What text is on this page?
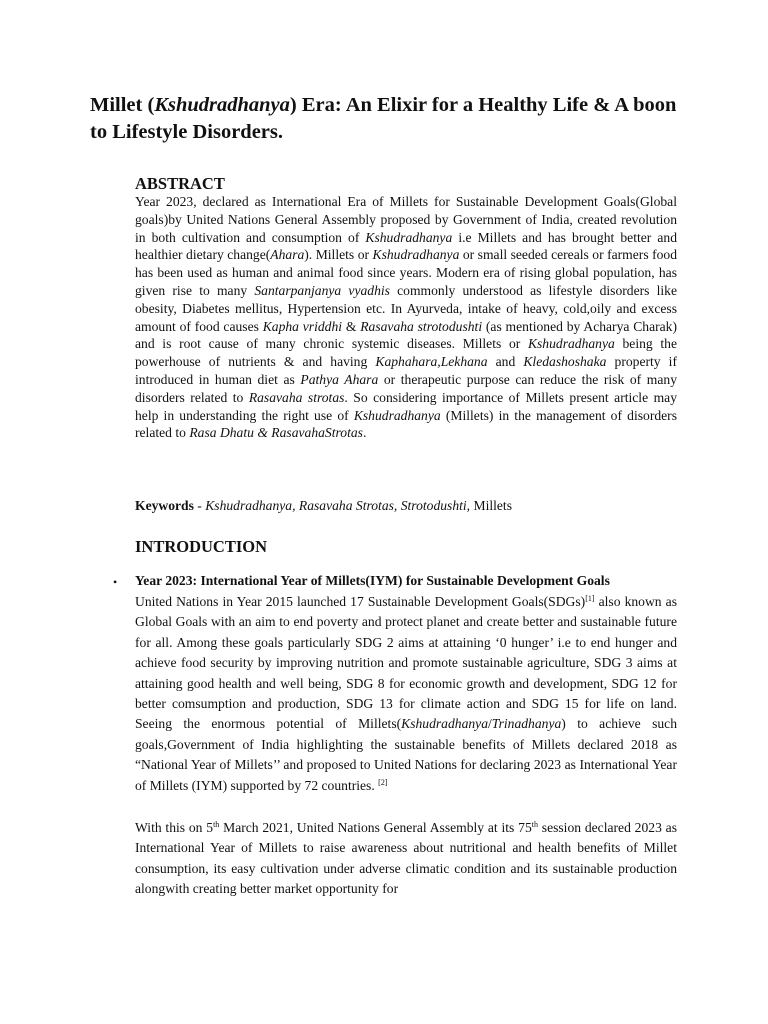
Millet (Kshudradhanya) Era: An Elixir for a Healthy Life & A boon to Lifestyle Disorders.
ABSTRACT

Year 2023, declared as International Era of Millets for Sustainable Development Goals(Global goals)by United Nations General Assembly proposed by Government of India, created revolution in both cultivation and consumption of Kshudradhanya i.e Millets and has brought better and healthier dietary change(Ahara). Millets or Kshudradhanya or small seeded cereals or farmers food has been used as human and animal food since years. Modern era of rising global population, has given rise to many Santarpanjanya vyadhis commonly understood as lifestyle disorders like obesity, Diabetes mellitus, Hypertension etc. In Ayurveda, intake of heavy, cold,oily and excess amount of food causes Kapha vriddhi & Rasavaha strotodushti (as mentioned by Acharya Charak) and is root cause of many chronic systemic diseases. Millets or Kshudradhanya being the powerhouse of nutrients & and having Kaphahara,Lekhana and Kledashoshaka property if introduced in human diet as Pathya Ahara or therapeutic purpose can reduce the risk of many disorders related to Rasavaha strotas. So considering importance of Millets present article may help in understanding the right use of Kshudradhanya (Millets) in the management of disorders related to Rasa Dhatu & RasavahaStrotas.

Keywords - Kshudradhanya, Rasavaha Strotas, Strotodushti, Millets

INTRODUCTION
• Year 2023: International Year of Millets(IYM) for Sustainable Development Goals

United Nations in Year 2015 launched 17 Sustainable Development Goals(SDGs)[1] also known as Global Goals with an aim to end poverty and protect planet and create better and sustainable future for all. Among these goals particularly SDG 2 aims at attaining ‘0 hunger’ i.e to end hunger and achieve food security by improving nutrition and promote sustainable agriculture, SDG 3 aims at attaining good health and well being, SDG 8 for economic growth and development, SDG 12 for better comsumption and production, SDG 13 for climate action and SDG 15 for life on land. Seeing the enormous potential of Millets(Kshudradhanya/Trinadhanya) to achieve such goals,Government of India highlighting the sustainable benefits of Millets declared 2018 as “National Year of Millets’’ and proposed to United Nations for declaring 2023 as International Year of Millets (IYM) supported by 72 countries. [2]

With this on 5th March 2021, United Nations General Assembly at its 75th session declared 2023 as International Year of Millets to raise awareness about nutritional and health benefits of Millet consumption, its easy cultivation under adverse climatic condition and its sustainable production alongwith creating better market opportunity for
